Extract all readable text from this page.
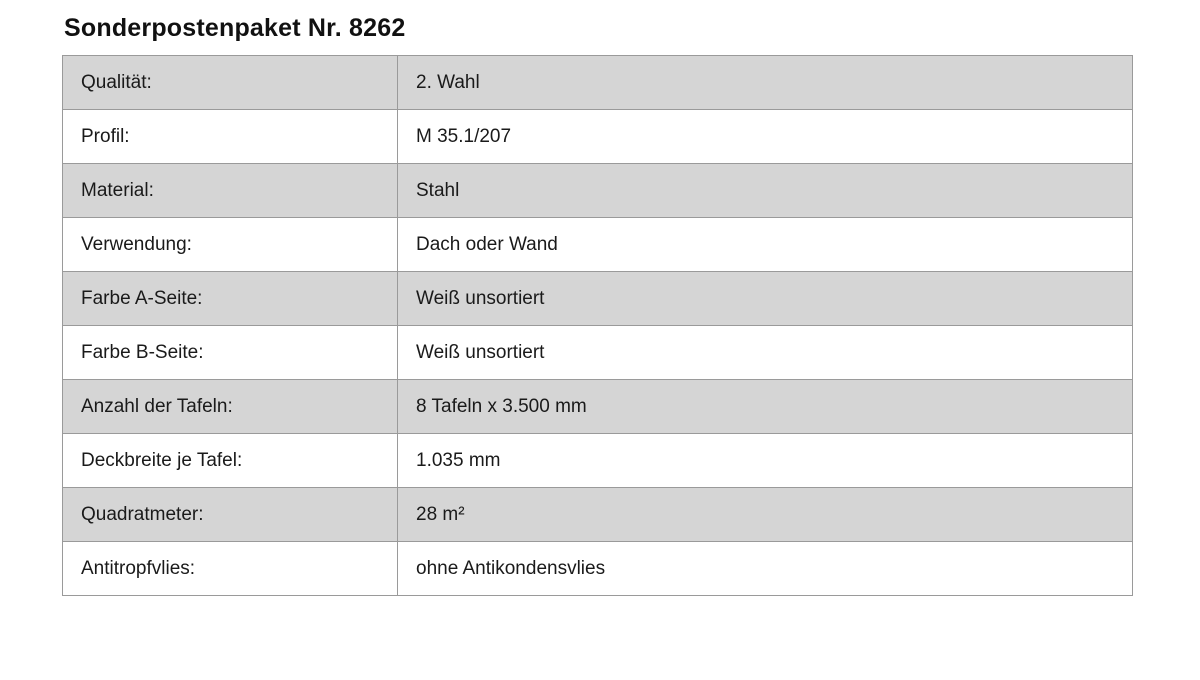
Sonderpostenpaket Nr. 8262
Qualität:	2. Wahl
Profil:	M 35.1/207
Material:	Stahl
Verwendung:	Dach oder Wand
Farbe A-Seite:	Weiß unsortiert
Farbe B-Seite:	Weiß unsortiert
Anzahl der Tafeln:	8 Tafeln x 3.500 mm
Deckbreite je Tafel:	1.035 mm
Quadratmeter:	28 m²
Antitropfvlies:	ohne Antikondensvlies
